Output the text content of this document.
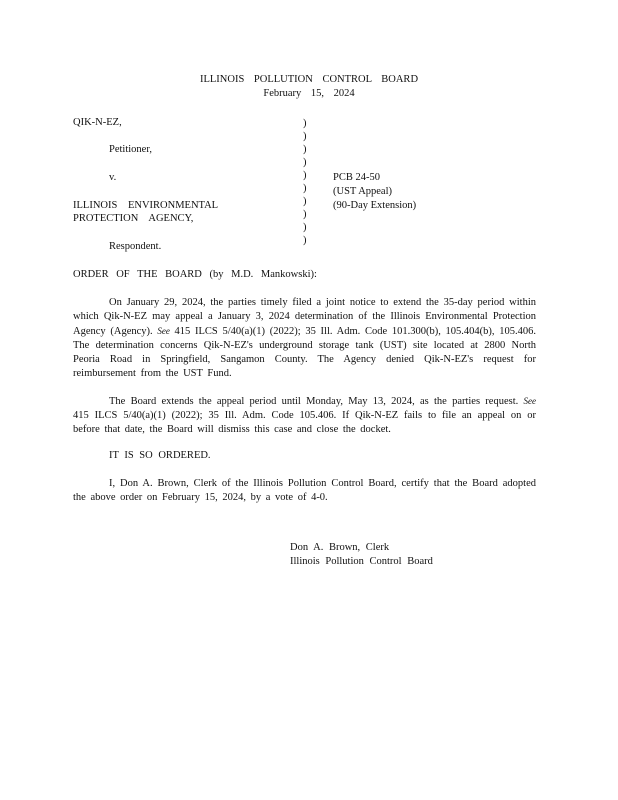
ILLINOIS POLLUTION CONTROL BOARD
February 15, 2024
QIK-N-EZ,
Petitioner,
v.
ILLINOIS ENVIRONMENTAL
PROTECTION AGENCY,
Respondent.
)
)
)
)
)
)
)
)
)
)
PCB 24-50
(UST Appeal)
(90-Day Extension)
ORDER OF THE BOARD (by M.D. Mankowski):
On January 29, 2024, the parties timely filed a joint notice to extend the 35-day period within which Qik-N-EZ may appeal a January 3, 2024 determination of the Illinois Environmental Protection Agency (Agency). See 415 ILCS 5/40(a)(1) (2022); 35 Ill. Adm. Code 101.300(b), 105.404(b), 105.406. The determination concerns Qik-N-EZ's underground storage tank (UST) site located at 2800 North Peoria Road in Springfield, Sangamon County. The Agency denied Qik-N-EZ's request for reimbursement from the UST Fund.
The Board extends the appeal period until Monday, May 13, 2024, as the parties request. See 415 ILCS 5/40(a)(1) (2022); 35 Ill. Adm. Code 105.406. If Qik-N-EZ fails to file an appeal on or before that date, the Board will dismiss this case and close the docket.
IT IS SO ORDERED.
I, Don A. Brown, Clerk of the Illinois Pollution Control Board, certify that the Board adopted the above order on February 15, 2024, by a vote of 4-0.
Don A. Brown, Clerk
Illinois Pollution Control Board
